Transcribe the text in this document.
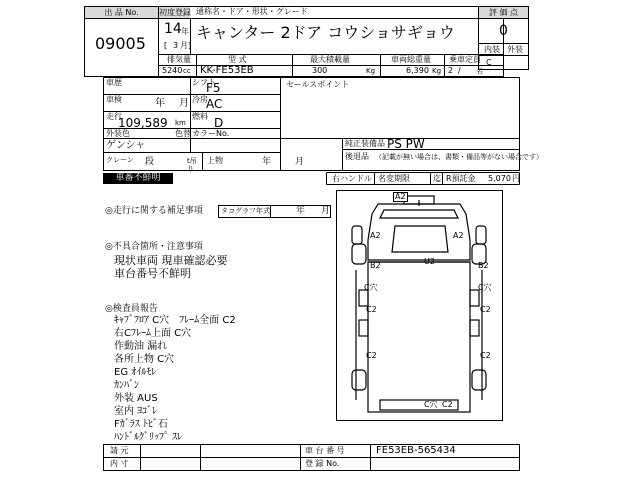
出 品 No.
09005
初度登録
14 年
[ 3 月]
通称名・ドア・形状・グレード
キャンター 2ドア コウショサギョウ
排気量	型 式	最大積載量	車両総重量 乗車定員
5240 cc KK-FE53EB	300	Kg	6,390 Kg 2 / 名
評 価 点
0
内装 外装
C
車歴	シフト
F5
車検	年 月 冷房
AC
走行
109,589 km
燃料 D
外装色
ゲンシャ
色替 カラーNo.
クレーン 段	t吊り
上物	年	月
セールスポイント
純正装備品 PS PW
後退品 （記載が無い場合は、書類・備品等がない場合です）
車番不鮮明	右ハンドル 名変期限	迄 R預託金 5,070 円
◎走行に関する補足事項	タコグラフ年式	年 月
◎不具合箇所・注意事項
現状車両 現車確認必要
車台番号不鮮明
◎検査員報告
ｷｬﾌﾞﾌﾛｱ C穴　ﾌﾚｰﾑ全面 C2
右Cﾌﾚｰﾑ上面 C穴
作動油 漏れ
各所上物 C穴
EG ｵｲﾙﾓﾚ
ｶﾝﾊﾞﾝ
外装 AUS
室内 ﾖｺﾞﾚ
Fｶﾞﾗｽ ﾄﾋﾞ石
ﾊﾝﾄﾞﾙｸﾞﾘｯﾌﾟ ｽﾚ
A2
A2	A2
U2
B2	B2
C穴	C穴
C2	C2
C2	C2
C穴 C2
請 元
内 寸
車 台 番 号	FE53EB-565434
登 録 No.
